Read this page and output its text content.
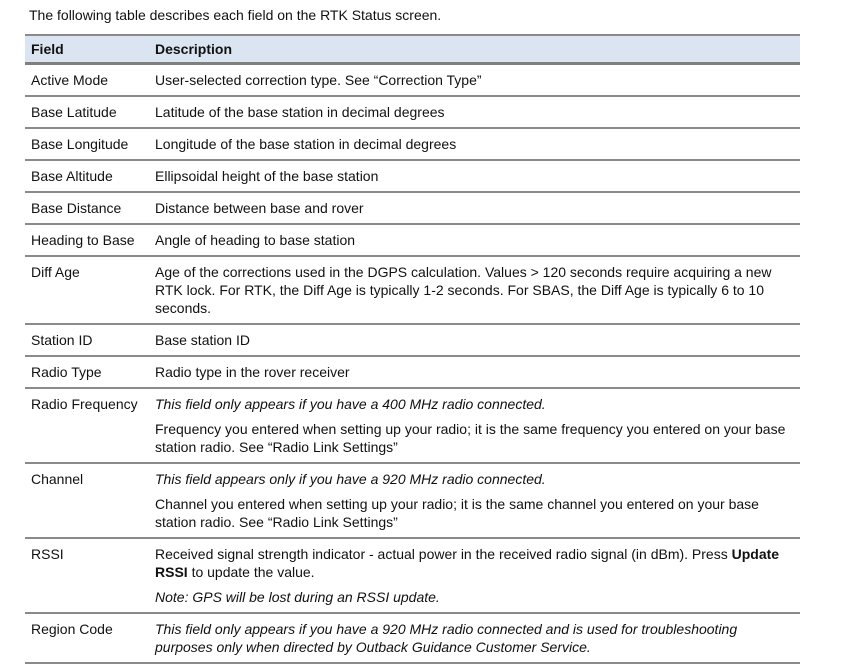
The following table describes each field on the RTK Status screen.
Field	Description
Active Mode	User-selected correction type. See “Correction Type”
Base Latitude	Latitude of the base station in decimal degrees
Base Longitude	Longitude of the base station in decimal degrees
Base Altitude	Ellipsoidal height of the base station
Base Distance	Distance between base and rover
Heading to Base	Angle of heading to base station
Diff Age	Age of the corrections used in the DGPS calculation. Values > 120 seconds require acquiring a new RTK lock. For RTK, the Diff Age is typically 1-2 seconds. For SBAS, the Diff Age is typically 6 to 10 seconds.
Station ID	Base station ID
Radio Type	Radio type in the rover receiver
Radio Frequency	This field only appears if you have a 400 MHz radio connected.
Frequency you entered when setting up your radio; it is the same frequency you entered on your base station radio. See “Radio Link Settings”
Channel	This field appears only if you have a 920 MHz radio connected.
Channel you entered when setting up your radio; it is the same channel you entered on your base station radio. See “Radio Link Settings”
RSSI	Received signal strength indicator - actual power in the received radio signal (in dBm). Press Update RSSI to update the value.
Note: GPS will be lost during an RSSI update.
Region Code	This field only appears if you have a 920 MHz radio connected and is used for troubleshooting purposes only when directed by Outback Guidance Customer Service.
